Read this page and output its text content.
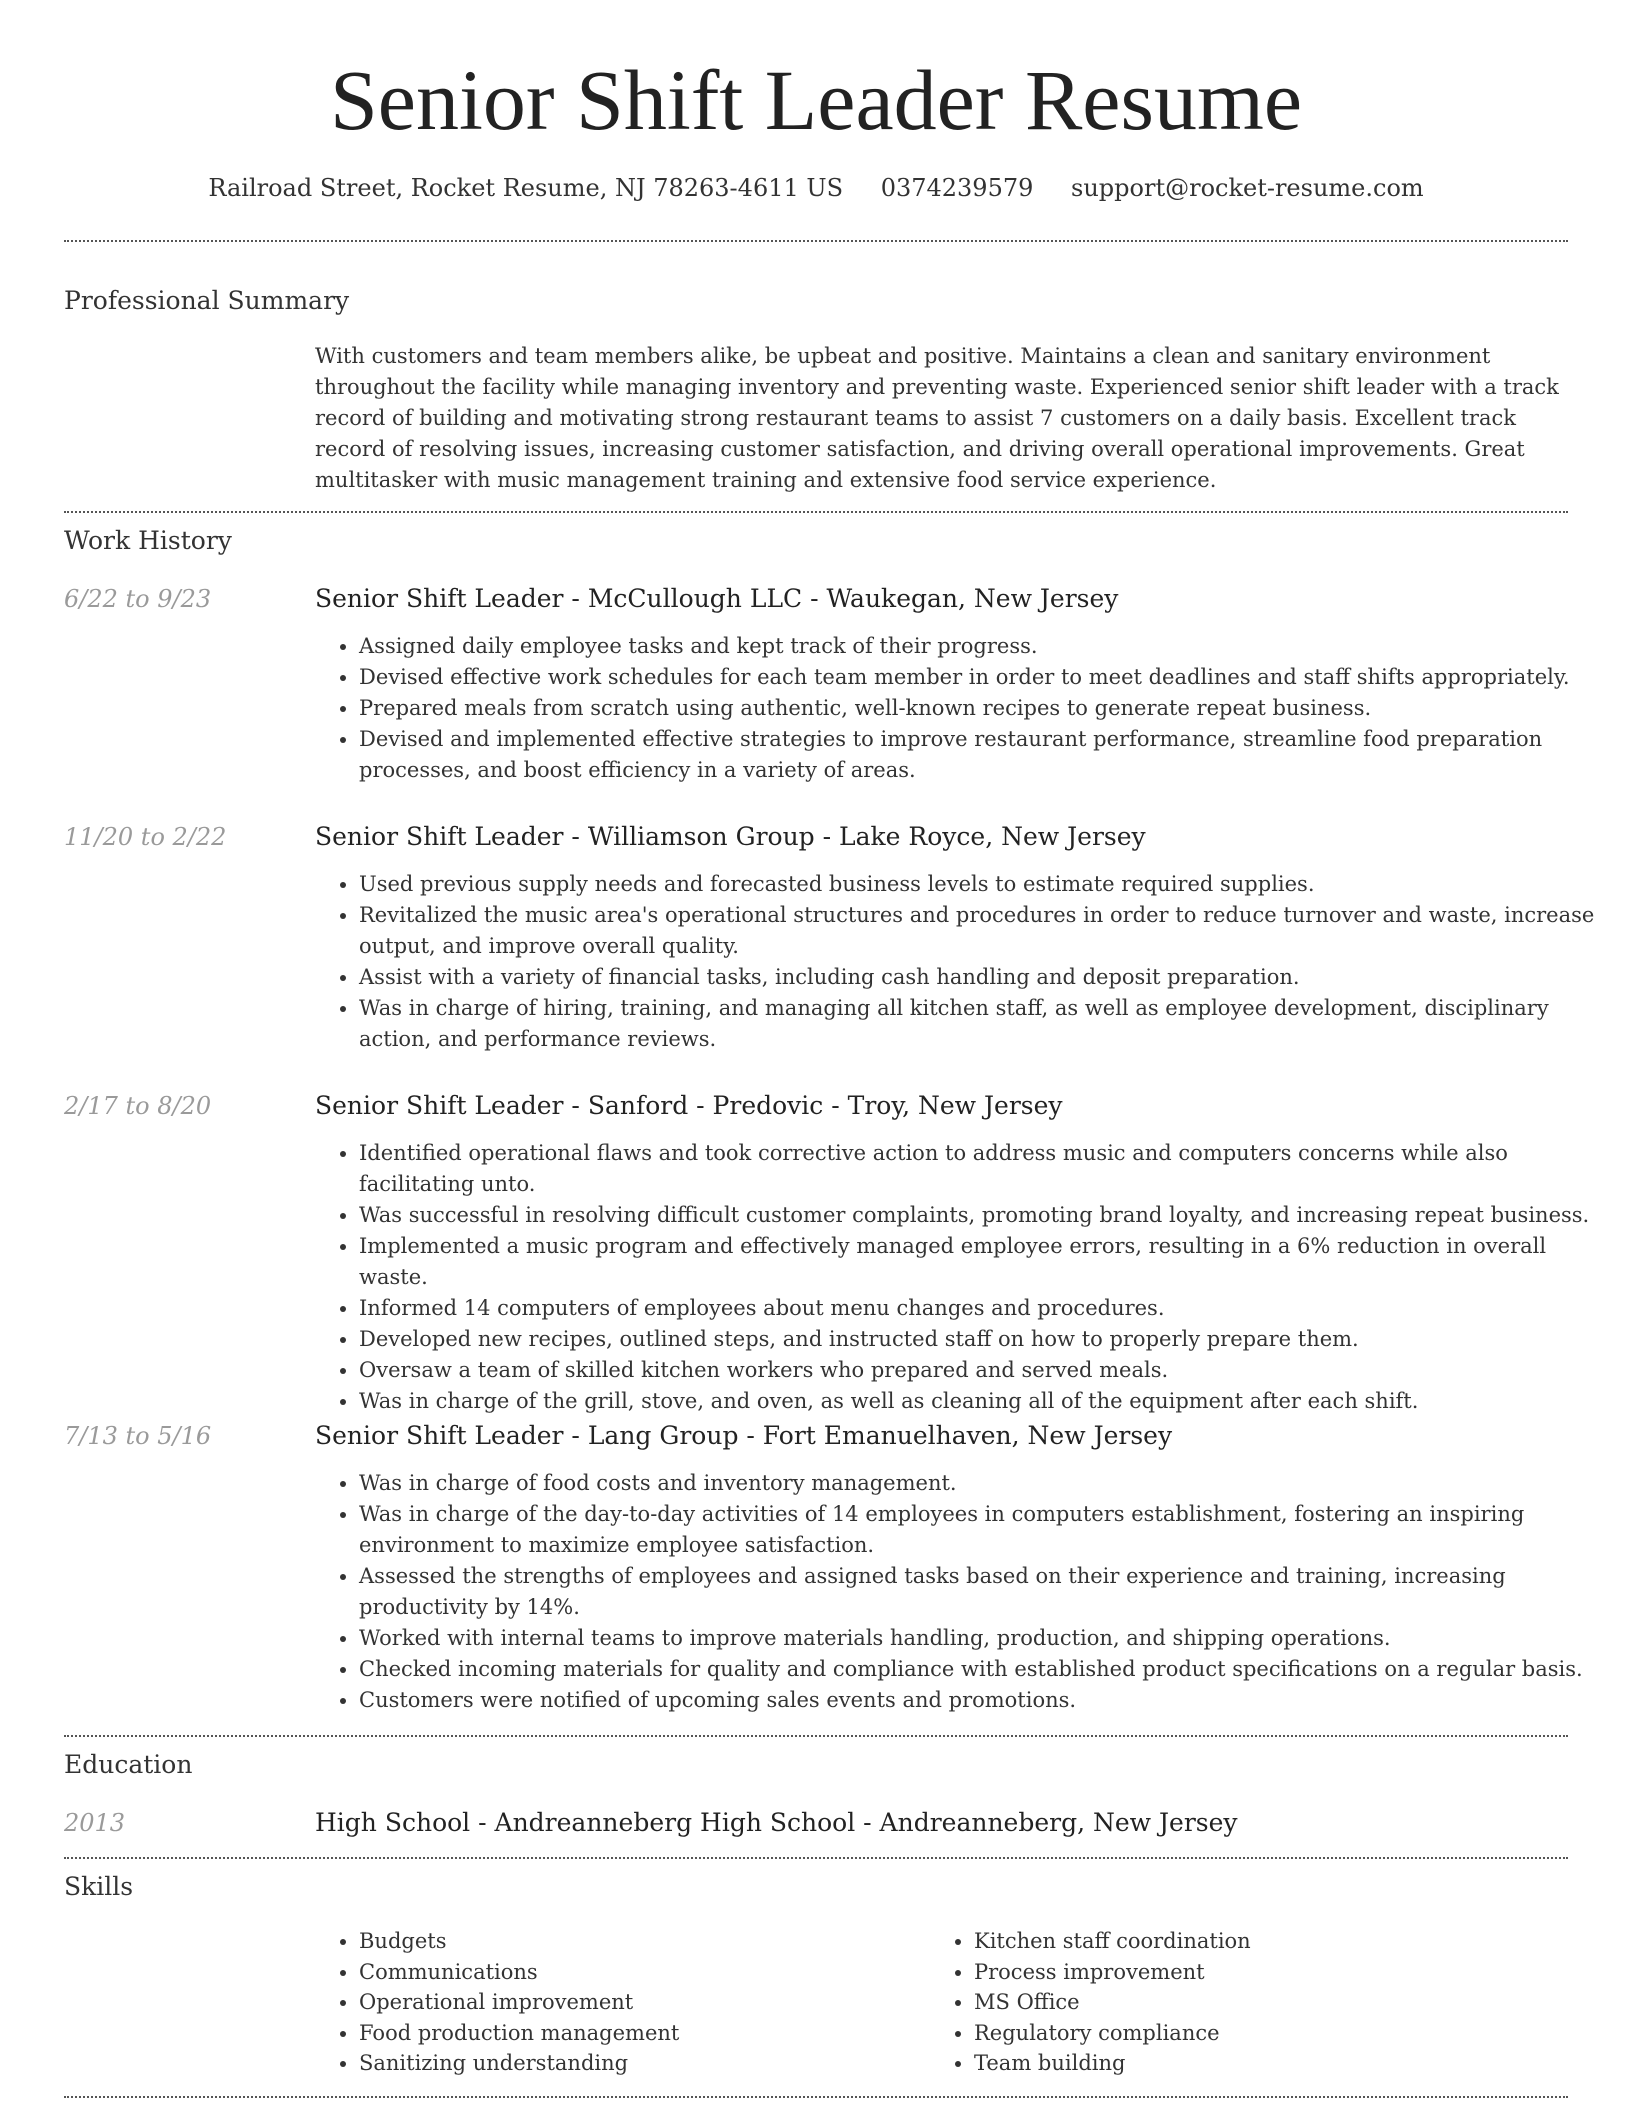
Senior Shift Leader Resume
Railroad Street, Rocket Resume, NJ 78263-4611 US 0374239579 support@rocket-resume.com
Professional Summary

With customers and team members alike, be upbeat and positive. Maintains a clean and sanitary environment throughout the facility while managing inventory and preventing waste. Experienced senior shift leader with a track record of building and motivating strong restaurant teams to assist 7 customers on a daily basis. Excellent track record of resolving issues, increasing customer satisfaction, and driving overall operational improvements. Great multitasker with music management training and extensive food service experience.

Work History
6/22 to 9/23	Senior Shift Leader - McCullough LLC - Waukegan, New Jersey
• Assigned daily employee tasks and kept track of their progress.
• Devised effective work schedules for each team member in order to meet deadlines and staff shifts appropriately.
• Prepared meals from scratch using authentic, well-known recipes to generate repeat business.
• Devised and implemented effective strategies to improve restaurant performance, streamline food preparation processes, and boost efficiency in a variety of areas.
11/20 to 2/22	Senior Shift Leader - Williamson Group - Lake Royce, New Jersey
• Used previous supply needs and forecasted business levels to estimate required supplies.
• Revitalized the music area's operational structures and procedures in order to reduce turnover and waste, increase output, and improve overall quality.
• Assist with a variety of financial tasks, including cash handling and deposit preparation.
• Was in charge of hiring, training, and managing all kitchen staff, as well as employee development, disciplinary action, and performance reviews.
2/17 to 8/20	Senior Shift Leader - Sanford - Predovic - Troy, New Jersey
• Identified operational flaws and took corrective action to address music and computers concerns while also facilitating unto.
• Was successful in resolving difficult customer complaints, promoting brand loyalty, and increasing repeat business.
• Implemented a music program and effectively managed employee errors, resulting in a 6% reduction in overall waste.
• Informed 14 computers of employees about menu changes and procedures.
• Developed new recipes, outlined steps, and instructed staff on how to properly prepare them.
• Oversaw a team of skilled kitchen workers who prepared and served meals.
• Was in charge of the grill, stove, and oven, as well as cleaning all of the equipment after each shift.
7/13 to 5/16	Senior Shift Leader - Lang Group - Fort Emanuelhaven, New Jersey
• Was in charge of food costs and inventory management.
• Was in charge of the day-to-day activities of 14 employees in computers establishment, fostering an inspiring environment to maximize employee satisfaction.
• Assessed the strengths of employees and assigned tasks based on their experience and training, increasing productivity by 14%.
• Worked with internal teams to improve materials handling, production, and shipping operations.
• Checked incoming materials for quality and compliance with established product specifications on a regular basis.
• Customers were notified of upcoming sales events and promotions.
Education
2013	High School - Andreanneberg High School - Andreanneberg, New Jersey
Skills
• Budgets
• Communications
• Operational improvement
• Food production management
• Sanitizing understanding
• Kitchen staff coordination
• Process improvement
• MS Office
• Regulatory compliance
• Team building
